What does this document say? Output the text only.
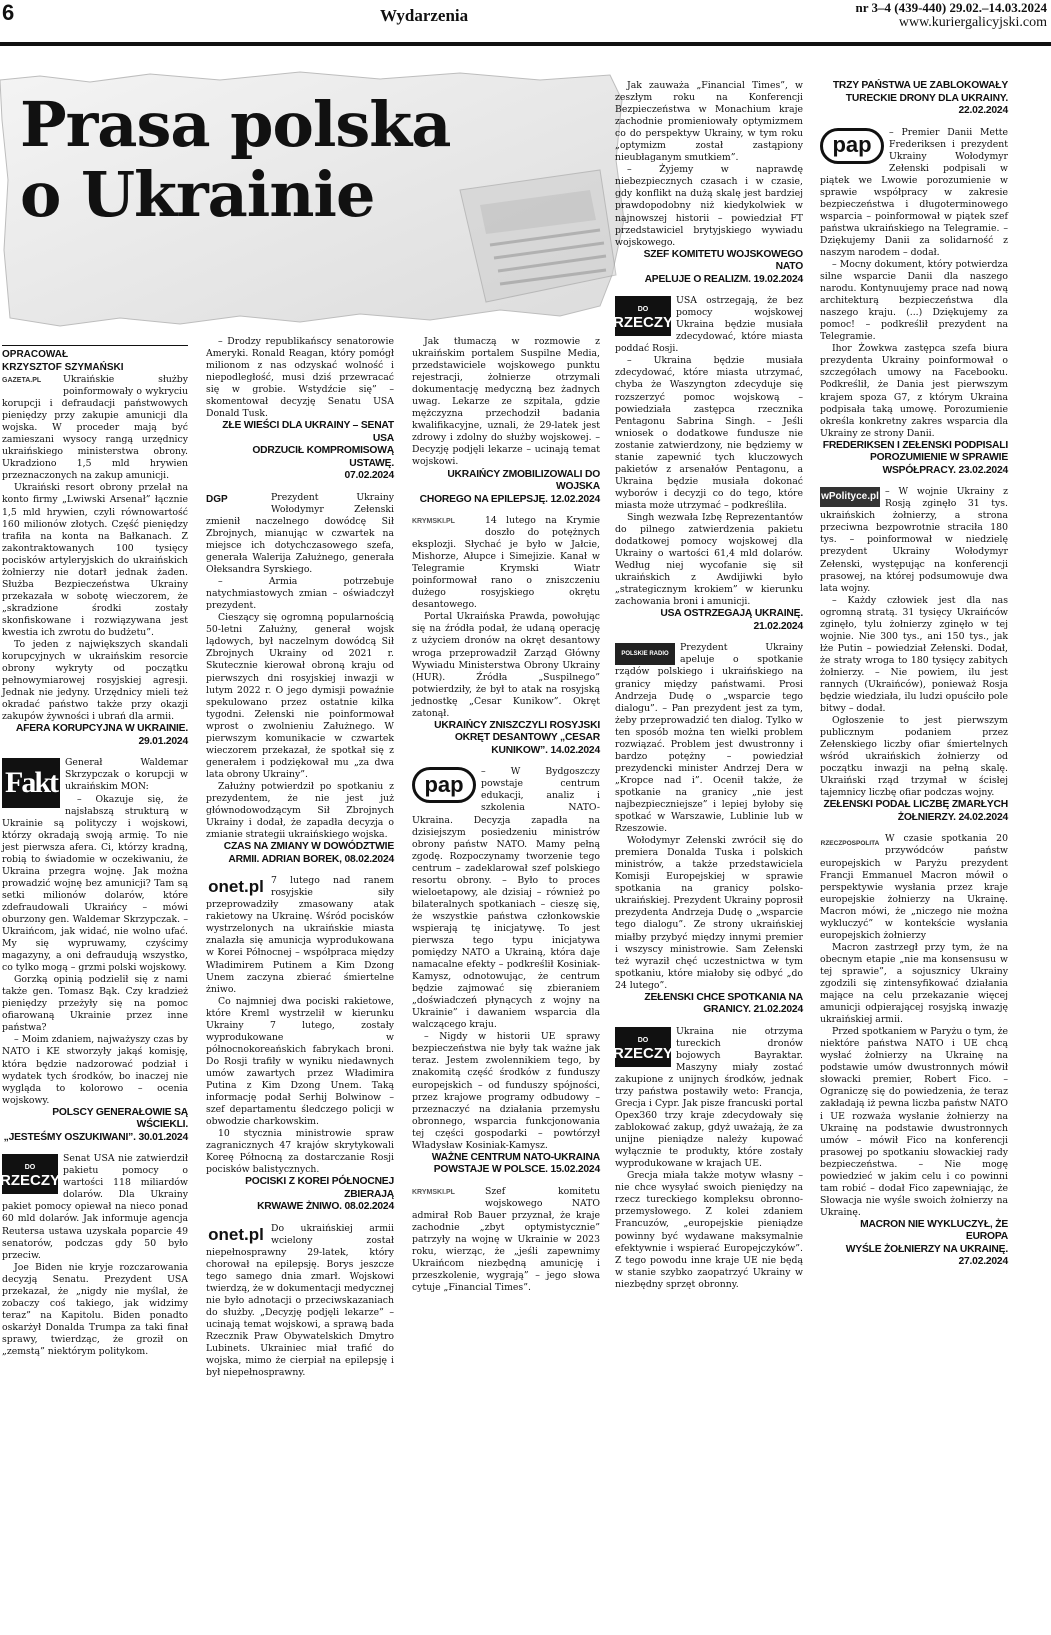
6	Wydarzenia	nr 3–4 (439-440) 29.02.–14.03.2024
www.kuriergalicyjski.com
Prasa polska
o Ukrainie
OPRACOWAŁ
KRZYSZTOF SZYMAŃSKI
GAZETA.PL	Ukraińskie służby poinformowały o wykryciu korupcji i defraudacji państwowych pieniędzy przy zakupie amunicji dla wojska. W proceder mają być zamieszani wysocy rangą urzędnicy ukraińskiego ministerstwa obrony. Ukradziono 1,5 mld hrywien przeznaczonych na zakup amunicji.

Ukraiński resort obrony przelał na konto firmy „Lwiwski Arsenał” łącznie 1,5 mld hrywien, czyli równowartość 160 milionów złotych. Część pieniędzy trafiła na konta na Bałkanach. Z zakontraktowanych 100 tysięcy pocisków artyleryjskich do ukraińskich żołnierzy nie dotarł jednak żaden. Służba Bezpieczeństwa Ukrainy przekazała w sobotę wieczorem, że „skradzione środki zostały skonfiskowane i rozwiązywana jest kwestia ich zwrotu do budżetu”.

To jeden z największych skandali korupcyjnych w ukraińskim resorcie obrony wykryty od początku pełnowymiarowej rosyjskiej agresji. Jednak nie jedyny. Urzędnicy mieli też okradać państwo także przy okazji zakupów żywności i ubrań dla armii.

AFERA KORUPCYJNA W UKRAINIE.
29.01.2024
Fakt

Generał Waldemar Skrzypczak o korupcji w ukraińskim MON:

– Okazuje się, że najsłabszą strukturą w Ukrainie są polityczy i wojskowi, którzy okradają swoją armię. To nie jest pierwsza afera. Ci, którzy kradną, robią to świadomie w oczekiwaniu, że Ukraina przegra wojnę. Jak można prowadzić wojnę bez amunicji? Tam są setki milionów dolarów, które zdefraudowali Ukraińcy – mówi oburzony gen. Waldemar Skrzypczak. – Ukraińcom, jak widać, nie wolno ufać. My się wypruwamy, czyścimy magazyny, a oni defraudują wszystko, co tylko mogą – grzmi polski wojskowy.

Gorzką opinią podzielił się z nami także gen. Tomasz Bąk. Czy kradzież pieniędzy przeżyły się na pomoc ofiarowaną Ukrainie przez inne państwa?

– Moim zdaniem, najważyszy czas by NATO i KE stworzyły jakąś komisję, która będzie nadzorować podział i wydatek tych środków, bo inaczej nie wygląda to kolorowo – ocenia wojskowy.

POLSCY GENERAŁOWIE SĄ WŚCIEKLI.
„JESTEŚMY OSZUKIWANI”. 30.01.2024
DO
RZECZY

Senat USA nie zatwierdził pakietu pomocy o wartości 118 miliardów dolarów. Dla Ukrainy pakiet pomocy opiewał na nieco ponad 60 mld dolarów. Jak informuje agencja Reutersa ustawa uzyskała poparcie 49 senatorów, podczas gdy 50 było przeciw.

Joe Biden nie kryje rozczarowania decyzją Senatu. Prezydent USA przekazał, że „nigdy nie myślał, że zobaczy coś takiego, jak widzimy teraz” na Kapitolu. Biden ponadto oskarżył Donalda Trumpa za taki finał sprawy, twierdząc, że groził on „zemstą” niektórym politykom.

– Drodzy republikańscy senatorowie Ameryki. Ronald Reagan, który pomógł milionom z nas odzyskać wolność i niepodległość, musi dziś przewracać się w grobie. Wstydźcie się” – skomentował decyzję Senatu USA Donald Tusk.

ZŁE WIEŚCI DLA UKRAINY – SENAT USA
ODRZUCIŁ KOMPROMISOWĄ USTAWĘ.
07.02.2024
DGP	Prezydent Ukrainy Wołodymyr Zełenski zmienił naczelnego dowódcę Sił Zbrojnych, mianując w czwartek na miejsce ich dotychczasowego szefa, generała Walerija Załużnego, generała Ołeksandra Syrskiego.

– Armia potrzebuje natychmiastowych zmian – oświadczył prezydent.

Cieszący się ogromną popularnością 50-letni Załużny, generał wojsk lądowych, był naczelnym dowódcą Sił Zbrojnych Ukrainy od 2021 r. Skutecznie kierował obroną kraju od pierwszych dni rosyjskiej inwazji w lutym 2022 r. O jego dymisji powaźnie spekulowano przez ostatnie kilka tygodni. Zełenski nie poinformował wprost o zwolnieniu Załużnego. W pierwszym komunikacie w czwartek wieczorem przekazał, że spotkał się z generałem i podziękował mu „za dwa lata obrony Ukrainy”.

Załużny potwierdził po spotkaniu z prezydentem, że nie jest już głównodowodzącym Sił Zbrojnych Ukrainy i dodał, że zapadła decyzja o zmianie strategii ukraińskiego wojska.

CZAS NA ZMIANY W DOWÓDZTWIE
ARMII. ADRIAN BOREK, 08.02.2024
onet.pl 7 lutego nad ranem rosyjskie siły przeprowadziły zmasowany atak rakietowy na Ukrainę. Wśród pocisków wystrzelonych na ukraińskie miasta znalazła się amunicja wyprodukowana w Korei Północnej – współpraca między Władimirem Putinem a Kim Dzong Unem zaczyna zbierać śmiertelne żniwo.

Co najmniej dwa pociski rakietowe, które Kreml wystrzelił w kierunku Ukrainy 7 lutego, zostały wyprodukowane w północnokoreańskich fabrykach broni. Do Rosji trafiły w wyniku niedawnych umów zawartych przez Władimira Putina z Kim Dzong Unem. Taką informację podał Serhij Bolwinow – szef departamentu śledczego policji w obwodzie charkowskim.

10 stycznia ministrowie spraw zagranicznych 47 krajów skrytykowali Koreę Północną za dostarczanie Rosji pocisków balistycznych.

POCISKI Z KOREI PÓŁNOCNEJ ZBIERAJĄ
KRWAWE ŻNIWO. 08.02.2024
onet.pl Do ukraińskiej armii wcielony został niepełnosprawny 29-latek, który chorował na epilepsję. Borys jeszcze tego samego dnia zmarł. Wojskowi twierdzą, że w dokumentacji medycznej nie było adnotacji o przeciwskazaniach do służby. „Decyzję podjęli lekarze” – ucinają temat wojskowi, a sprawą bada Rzecznik Praw Obywatelskich Dmytro Lubinets. Ukrainiec miał trafić do wojska, mimo że cierpiał na epilepsję i był niepełnosprawny.

Jak tłumaczą w rozmowie z ukraińskim portalem Suspilne Media, przedstawiciele wojskowego punktu rejestracji, żołnierze otrzymali dokumentację medyczną bez żadnych uwag. Lekarze ze szpitala, gdzie mężczyzna przechodził badania kwalifikacyjne, uznali, że 29-latek jest zdrowy i zdolny do służby wojskowej. – Decyzję podjęli lekarze – ucinają temat wojskowi.

UKRAIŃCY ZMOBILIZOWALI DO WOJSKA
CHOREGO NA EPILEPSJĘ. 12.02.2024
KRYMSKI.PL	14 lutego na Krymie doszło do potężnych eksplozji. Słychać je było w Jałcie, Mishorze, Ałupce i Simejizie. Kanał w Telegramie Krymski Wiatr poinformował rano o zniszczeniu dużego rosyjskiego okrętu desantowego.

Portal Ukraińska Prawda, powołując się na źródła podał, że udaną operację z użyciem dronów na okręt desantowy wroga przeprowadził Zarząd Główny Wywiadu Ministerstwa Obrony Ukrainy (HUR). Źródła „Suspilnego” potwierdziły, że był to atak na rosyjską jednostkę „Cesar Kunikow”. Okręt zatonął.

UKRAIŃCY ZNISZCZYLI ROSYJSKI
OKRĘT DESANTOWY „CESAR
KUNIKOW”. 14.02.2024
pap

– W Bydgoszczy powstaje centrum edukacji, analiz i szkolenia NATO-Ukraina. Decyzja zapadła na dzisiejszym posiedzeniu ministrów obrony państw NATO. Mamy pełną zgodę. Rozpoczynamy tworzenie tego centrum – zadeklarował szef polskiego resortu obrony. – Było to proces wieloetapowy, ale dzisiaj – również po bilateralnych spotkaniach – cieszę się, że wszystkie państwa członkowskie wspierają tę inicjatywę. To jest pierwsza tego typu inicjatywa pomiędzy NATO a Ukrainą, która daje namacalne efekty – podkreślił Kosiniak-Kamysz, odnotowując, że centrum będzie zajmować się zbieraniem „doświadczeń płynących z wojny na Ukrainie” i dawaniem wsparcia dla walczącego kraju.

– Nigdy w historii UE sprawy bezpieczeństwa nie były tak ważne jak teraz. Jestem zwolennikiem tego, by znakomitą część środków z funduszy europejskich – od funduszy spójności, przez krajowe programy odbudowy – przeznaczyć na działania przemysłu obronnego, wsparcia funkcjonowania tej części gospodarki – powtórzył Władysław Kosiniak-Kamysz.

WAŻNE CENTRUM NATO-UKRAINA
POWSTAJE W POLSCE. 15.02.2024
KRYMSKI.PL	Szef komitetu wojskowego NATO admirał Rob Bauer przyznał, że kraje zachodnie „zbyt optymistycznie” patrzyły na wojnę w Ukrainie w 2023 roku, wierząc, że „jeśli zapewnimy Ukraińcom niezbędną amunicję i przeszkolenie, wygrają” – jego słowa cytuje „Financial Times”.

Jak zauważa „Financial Times”, w zeszłym roku na Konferencji Bezpieczeństwa w Monachium kraje zachodnie promieniowały optymizmem co do perspektyw Ukrainy, w tym roku „optymizm został zastąpiony nieubłaganym smutkiem”.

– Żyjemy w naprawdę niebezpiecznych czasach i w czasie, gdy konflikt na dużą skalę jest bardziej prawdopodobny niż kiedykolwiek w najnowszej historii – powiedział FT przedstawiciel brytyjskiego wywiadu wojskowego.

SZEF KOMITETU WOJSKOWEGO NATO
APELUJE O REALIZM. 19.02.2024
DO
RZECZY

USA ostrzegają, że bez pomocy wojskowej Ukraina będzie musiała zdecydować, które miasta poddać Rosji.

– Ukraina będzie musiała zdecydować, które miasta utrzymać, chyba że Waszyngton zdecyduje się rozszerzyć pomoc wojskową – powiedziała zastępca rzecznika Pentagonu Sabrina Singh. – Jeśli wniosek o dodatkowe fundusze nie zostanie zatwierdzony, nie będziemy w stanie zapewnić tych kluczowych pakietów z arsenałów Pentagonu, a Ukraina będzie musiała dokonać wyborów i decyzji co do tego, które miasta może utrzymać – podkreśliła.

Singh wezwała Izbę Reprezentantów do pilnego zatwierdzenia pakietu dodatkowej pomocy wojskowej dla Ukrainy o wartości 61,4 mld dolarów. Według niej wycofanie się sił ukraińskich z Awdijiwki było „strategicznym krokiem” w kierunku zachowania broni i amunicji.

USA OSTRZEGAJĄ UKRAINĘ. 21.02.2024
POLSKIE RADIO

Prezydent Ukrainy apeluje o spotkanie rządów polskiego i ukraińskiego na granicy między państwami. Prosi Andrzeja Dudę o „wsparcie tego dialogu”. – Pan prezydent jest za tym, żeby przeprowadzić ten dialog. Tylko w ten sposób można ten wielki problem rozwiązać. Problem jest dwustronny i bardzo potężny – powiedział prezydencki minister Andrzej Dera w „Kropce nad i”. Ocenił także, że spotkanie na granicy „nie jest najbezpieczniejsze” i lepiej byłoby się spotkać w Warszawie, Lublinie lub w Rzeszowie.

Wołodymyr Zełenski zwrócił się do premiera Donalda Tuska i polskich ministrów, a także przedstawiciela Komisji Europejskiej w sprawie spotkania na granicy polsko-ukraińskiej. Prezydent Ukrainy poprosił prezydenta Andrzeja Dudę o „wsparcie tego dialogu”. Ze strony ukraińskiej miałby przybyć między innymi premier i wszyscy ministrowie. Sam Zełenski też wyraził chęć uczestnictwa w tym spotkaniu, które miałoby się odbyć „do 24 lutego”.

ZEŁENSKI CHCE SPOTKANIA NA
GRANICY. 21.02.2024
DO
RZECZY

Ukraina nie otrzyma tureckich dronów bojowych Bayraktar. Maszyny miały zostać zakupione z unijnych środków, jednak trzy państwa postawiły weto: Francja, Grecja i Cypr. Jak pisze francuski portal Opex360 trzy kraje zdecydowały się zablokować zakup, gdyż uważają, że za unijne pieniądze należy kupować wyłącznie te produkty, które zostały wyprodukowane w krajach UE.

Grecja miała także motyw własny – nie chce wysyłać swoich pieniędzy na rzecz tureckiego kompleksu obronno-przemysłowego. Z kolei zdaniem Francuzów, „europejskie pieniądze powinny być wydawane maksymalnie efektywnie i wspierać Europejczyków”. Z tego powodu inne kraje UE nie będą w stanie szybko zaopatrzyć Ukrainy w niezbędny sprzęt obronny.

TRZY PAŃSTWA UE ZABLOKOWAŁY
TURECKIE DRONY DLA UKRAINY.
22.02.2024
pap

– Premier Danii Mette Frederiksen i prezydent Ukrainy Wołodymyr Zełenski podpisali w piątek we Lwowie porozumienie w sprawie współpracy w zakresie bezpieczeństwa i długoterminowego wsparcia – poinformował w piątek szef państwa ukraińskiego na Telegramie. – Dziękujemy Danii za solidarność z naszym narodem – dodał.

– Mocny dokument, który potwierdza silne wsparcie Danii dla naszego narodu. Kontynuujemy prace nad nową architekturą bezpieczeństwa dla naszego kraju. (...) Dziękujemy za pomoc! – podkreślił prezydent na Telegramie.

Ihor Żowkwa zastępca szefa biura prezydenta Ukrainy poinformował o szczegółach umowy na Facebooku. Podkreślił, że Dania jest pierwszym krajem spoza G7, z którym Ukraina podpisała taką umowę. Porozumienie określa konkretny zakres wsparcia dla Ukrainy ze strony Danii.

FREDERIKSEN I ZEŁENSKI PODPISALI
POROZUMIENIE W SPRAWIE
WSPÓŁPRACY. 23.02.2024
wPolityce.pl – W wojnie Ukrainy z Rosją zginęło 31 tys. ukraińskich żołnierzy, a strona przeciwna bezpowrotnie straciła 180 tys. – poinformował w niedzielę prezydent Ukrainy Wołodymyr Zełenski, występując na konferencji prasowej, na której podsumowuje dwa lata wojny.

– Każdy człowiek jest dla nas ogromną stratą. 31 tysięcy Ukraińców zginęło, tylu żołnierzy zginęło w tej wojnie. Nie 300 tys., ani 150 tys., jak łże Putin – powiedział Zełenski. Dodał, że straty wroga to 180 tysięcy zabitych żołnierzy. – Nie powiem, ilu jest rannych (Ukraińców), ponieważ Rosja będzie wiedziała, ilu ludzi opuściło pole bitwy – dodał.

Ogłoszenie to jest pierwszym publicznym podaniem przez Zełenskiego liczby ofiar śmiertelnych wśród ukraińskich żołnierzy od początku inwazji na pełną skalę. Ukraiński rząd trzymał w ścisłej tajemnicy liczbę ofiar podczas wojny.

ZEŁENSKI PODAŁ LICZBĘ ZMARŁYCH
ŻOŁNIERZY. 24.02.2024
RZECZPOSPOLITA W czasie spotkania 20 przywódców państw europejskich w Paryżu prezydent Francji Emmanuel Macron mówił o perspektywie wysłania przez kraje europejskie żołnierzy na Ukrainę. Macron mówi, że „niczego nie można wykluczyć” w kontekście wysłania europejskich żołnierzy

Macron zastrzegł przy tym, że na obecnym etapie „nie ma konsensusu w tej sprawie”, a sojusznicy Ukrainy zgodzili się zintensyfikować działania mające na celu przekazanie więcej amunicji odpierającej rosyjską inwazję ukraińskiej armii.

Przed spotkaniem w Paryżu o tym, że niektóre państwa NATO i UE chcą wysłać żołnierzy na Ukrainę na podstawie umów dwustronnych mówił słowacki premier, Robert Fico. – Ograniczę się do powiedzenia, że teraz zakładają iż pewna liczba państw NATO i UE rozważa wysłanie żołnierzy na Ukrainę na podstawie dwustronnych umów – mówił Fico na konferencji prasowej po spotkaniu słowackiej rady bezpieczeństwa. – Nie mogę powiedzieć w jakim celu i co powinni tam robić – dodał Fico zapewniając, że Słowacja nie wyśle swoich żołnierzy na Ukrainę.

MACRON NIE WYKLUCZYŁ, ŻE EUROPA
WYŚLE ŻOŁNIERZY NA UKRAINĘ.
27.02.2024
